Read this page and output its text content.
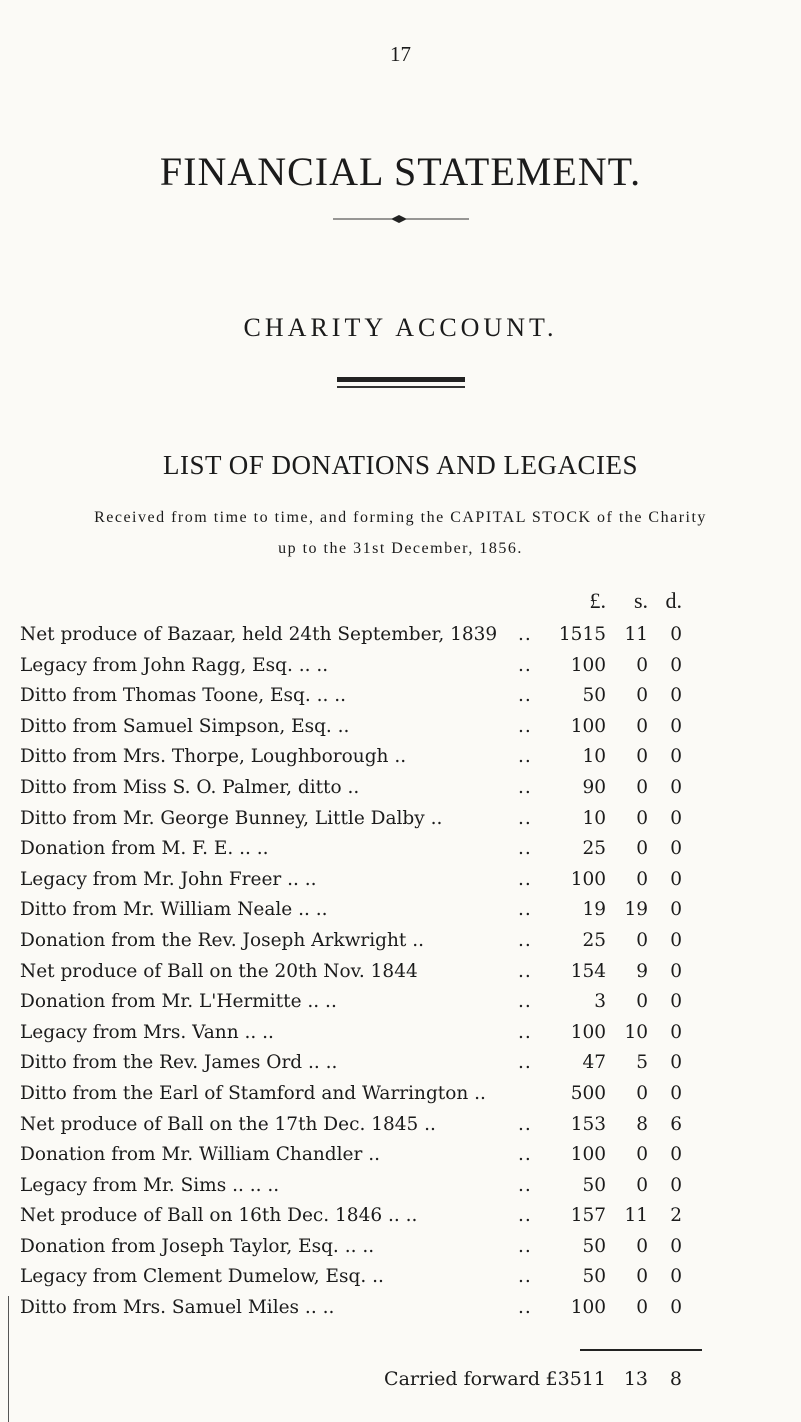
17
FINANCIAL STATEMENT.
CHARITY ACCOUNT.
LIST OF DONATIONS AND LEGACIES
Received from time to time, and forming the CAPITAL STOCK of the Charity
up to the 31st December, 1856.
£.	s. d.
Net produce of Bazaar, held 24th September, 1839 ..	1515 11	0
Legacy from John Ragg, Esq. .. ..	..	100	0	0
Ditto from Thomas Toone, Esq. .. ..	..	50	0	0
Ditto from Samuel Simpson, Esq. ..	..	100	0	0
Ditto from Mrs. Thorpe, Loughborough ..	..	10	0	0
Ditto from Miss S. O. Palmer, ditto ..	..	90	0	0
Ditto from Mr. George Bunney, Little Dalby ..	..	10	0	0
Donation from M. F. E. .. ..	..	25	0	0
Legacy from Mr. John Freer .. ..	..	100	0	0
Ditto from Mr. William Neale .. ..	..	19 19	0
Donation from the Rev. Joseph Arkwright ..	..	25	0	0
Net produce of Ball on the 20th Nov. 1844	..	154	9	0
Donation from Mr. L'Hermitte .. ..	..	3	0	0
Legacy from Mrs. Vann .. ..	..	100 10	0
Ditto from the Rev. James Ord .. ..	..	47	5	0
Ditto from the Earl of Stamford and Warrington ..	500	0	0
Net produce of Ball on the 17th Dec. 1845 ..	..	153	8	6
Donation from Mr. William Chandler ..	..	100	0	0
Legacy from Mr. Sims .. .. ..	..	50	0	0
Net produce of Ball on 16th Dec. 1846 .. ..	..	157 11	2
Donation from Joseph Taylor, Esq. .. ..	..	50	0	0
Legacy from Clement Dumelow, Esq. ..	..	50	0	0
Ditto from Mrs. Samuel Miles .. ..	..	100	0	0
Carried forward £3511 13	8
